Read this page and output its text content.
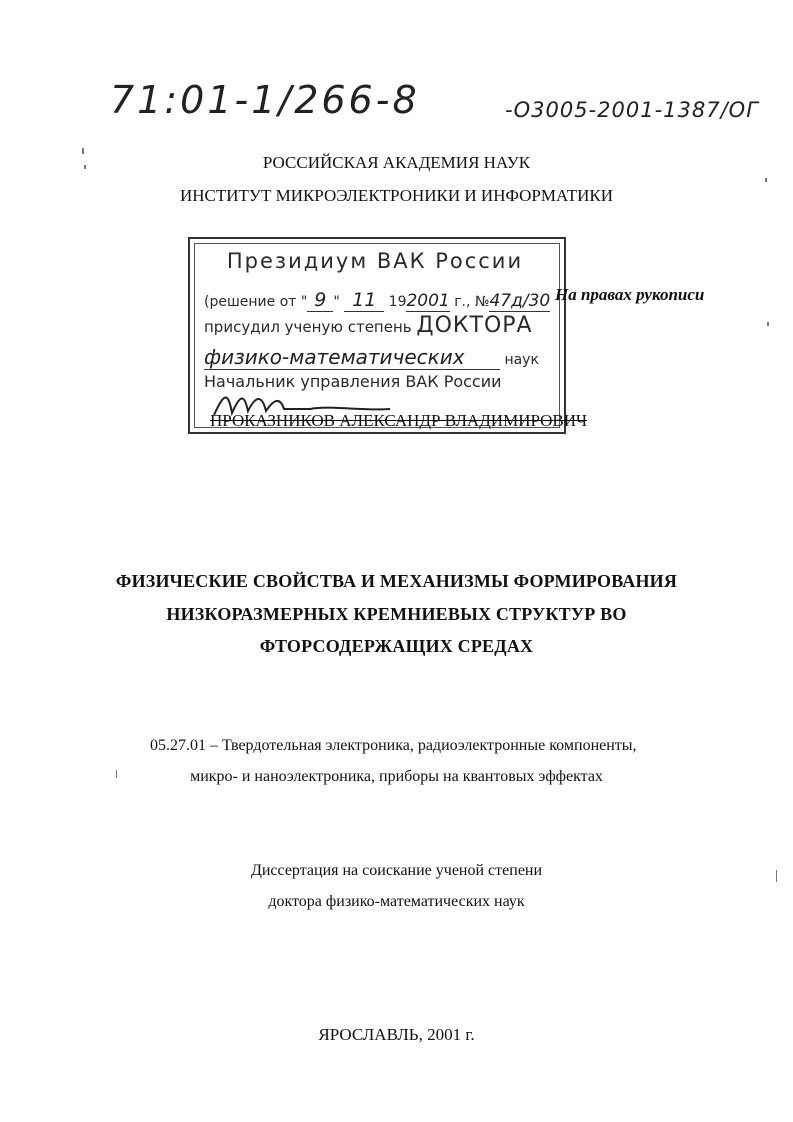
71:01-1/266-8	-О3005-2001-1387/ОГ
РОССИЙСКАЯ АКАДЕМИЯ НАУК
ИНСТИТУТ МИКРОЭЛЕКТРОНИКИ И ИНФОРМАТИКИ
Президиум ВАК России
(решение от " 9 " 11 192001 г., №47д/30
присудил ученую степень ДОКТОРА
физико-математических	наук
Начальник управления ВАК России
На правах рукописи
ПРОКАЗНИКОВ АЛЕКСАНДР ВЛАДИМИРОВИЧ
ФИЗИЧЕСКИЕ СВОЙСТВА И МЕХАНИЗМЫ ФОРМИРОВАНИЯ
НИЗКОРАЗМЕРНЫХ КРЕМНИЕВЫХ СТРУКТУР ВО
ФТОРСОДЕРЖАЩИХ СРЕДАХ
05.27.01 – Твердотельная электроника, радиоэлектронные компоненты,
микро- и наноэлектроника, приборы на квантовых эффектах
Диссертация на соискание ученой степени
доктора физико-математических наук
ЯРОСЛАВЛЬ, 2001 г.
